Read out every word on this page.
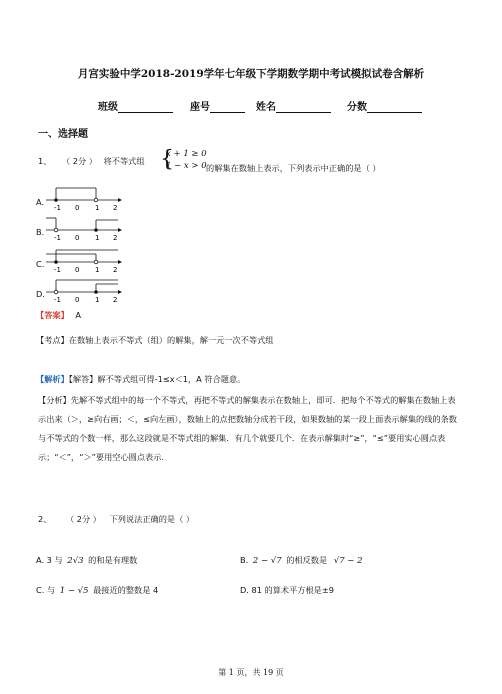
月宫实验中学2018-2019学年七年级下学期数学期中考试模拟试卷含解析
班级	座号	姓名	分数
一、选择题
1、 （ 2分 ） 将不等式组 {
x + 1 ≥ 0
1 − x > 0 的解集在数轴上表示，下列表示中正确的是（ ）
A.
-1 0 1 2
B.
-1 0 1 2
C.
-1 0 1 2
D.
-1 0 1 2
【答案】 A
【考点】在数轴上表示不等式（组）的解集，解一元一次不等式组
【解析】【解答】解不等式组可得-1≤x＜1，A 符合题意。
【分析】先解不等式组中的每一个不等式，再把不等式的解集表示在数轴上，即可．把每个不等式的解集在数轴上表示出来（＞，≥向右画；＜，≤向左画），数轴上的点把数轴分成若干段，如果数轴的某一段上面表示解集的线的条数与不等式的个数一样，那么这段就是不等式组的解集．有几个就要几个．在表示解集时“≥”，“≤”要用实心圆点表示；“＜”，“＞”要用空心圆点表示.
2、 （ 2分 ） 下列说法正确的是（ ）
A. 3 与 2√3 的和是有理数	B. 2 − √7 的相反数是 √7 − 2
C. 与 1 − √5 最接近的整数是 4	D. 81 的算术平方根是±9
第 1 页，共 19 页
